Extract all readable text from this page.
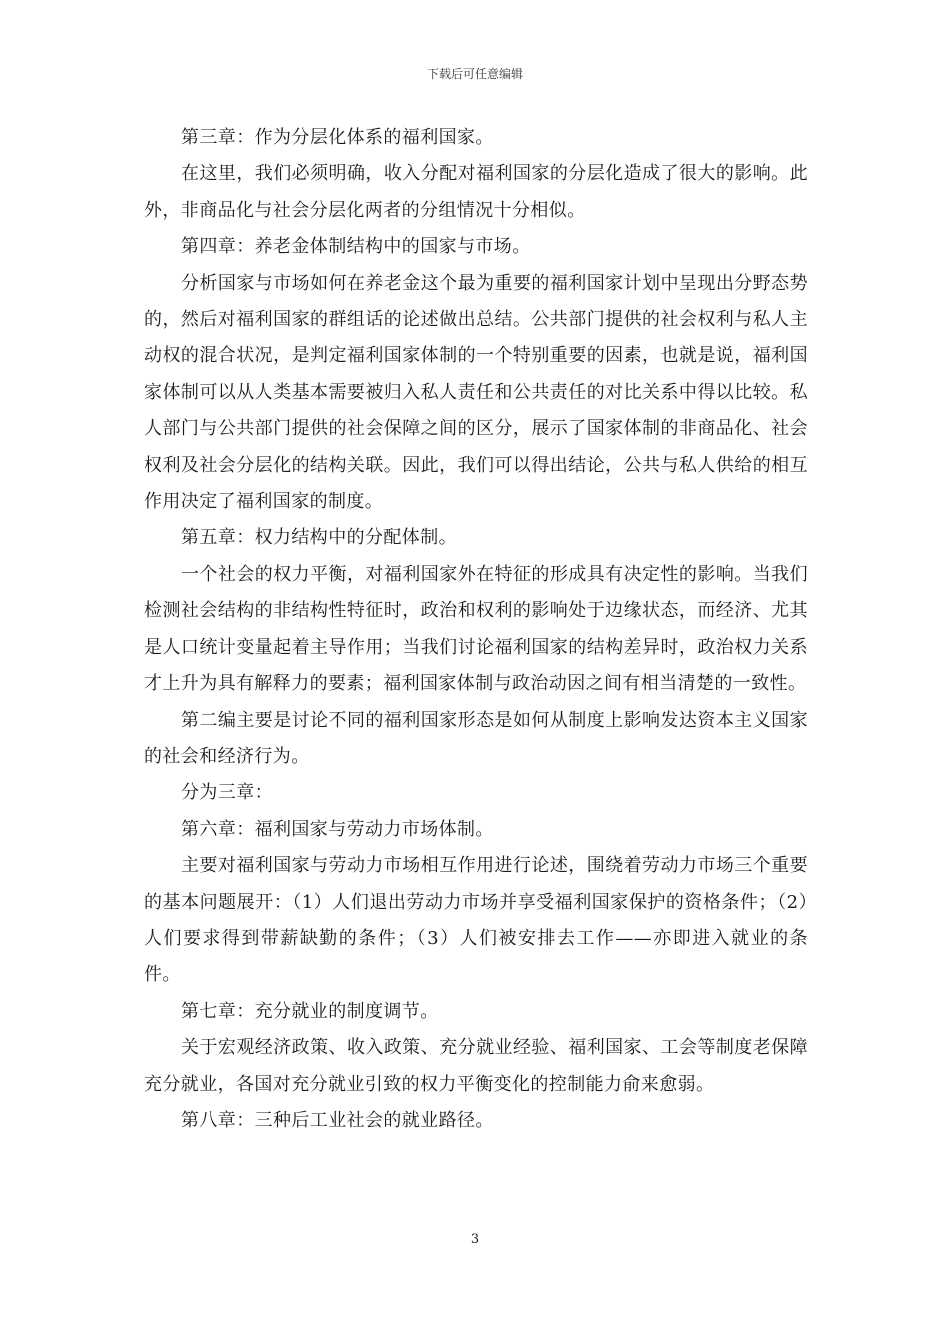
下载后可任意编辑

第三章：作为分层化体系的福利国家。

在这里，我们必须明确，收入分配对福利国家的分层化造成了很大的影响。此外，非商品化与社会分层化两者的分组情况十分相似。

第四章：养老金体制结构中的国家与市场。

分析国家与市场如何在养老金这个最为重要的福利国家计划中呈现出分野态势的，然后对福利国家的群组话的论述做出总结。公共部门提供的社会权利与私人主动权的混合状况，是判定福利国家体制的一个特别重要的因素，也就是说，福利国家体制可以从人类基本需要被归入私人责任和公共责任的对比关系中得以比较。私人部门与公共部门提供的社会保障之间的区分，展示了国家体制的非商品化、社会权利及社会分层化的结构关联。因此，我们可以得出结论，公共与私人供给的相互作用决定了福利国家的制度。

第五章：权力结构中的分配体制。

一个社会的权力平衡，对福利国家外在特征的形成具有决定性的影响。当我们检测社会结构的非结构性特征时，政治和权利的影响处于边缘状态，而经济、尤其是人口统计变量起着主导作用；当我们讨论福利国家的结构差异时，政治权力关系才上升为具有解释力的要素；福利国家体制与政治动因之间有相当清楚的一致性。

第二编主要是讨论不同的福利国家形态是如何从制度上影响发达资本主义国家的社会和经济行为。

分为三章：

第六章：福利国家与劳动力市场体制。

主要对福利国家与劳动力市场相互作用进行论述，围绕着劳动力市场三个重要的基本问题展开：（1）人们退出劳动力市场并享受福利国家保护的资格条件；（2）人们要求得到带薪缺勤的条件；（3）人们被安排去工作——亦即进入就业的条件。

第七章：充分就业的制度调节。

关于宏观经济政策、收入政策、充分就业经验、福利国家、工会等制度老保障充分就业，各国对充分就业引致的权力平衡变化的控制能力俞来愈弱。

第八章：三种后工业社会的就业路径。

3
